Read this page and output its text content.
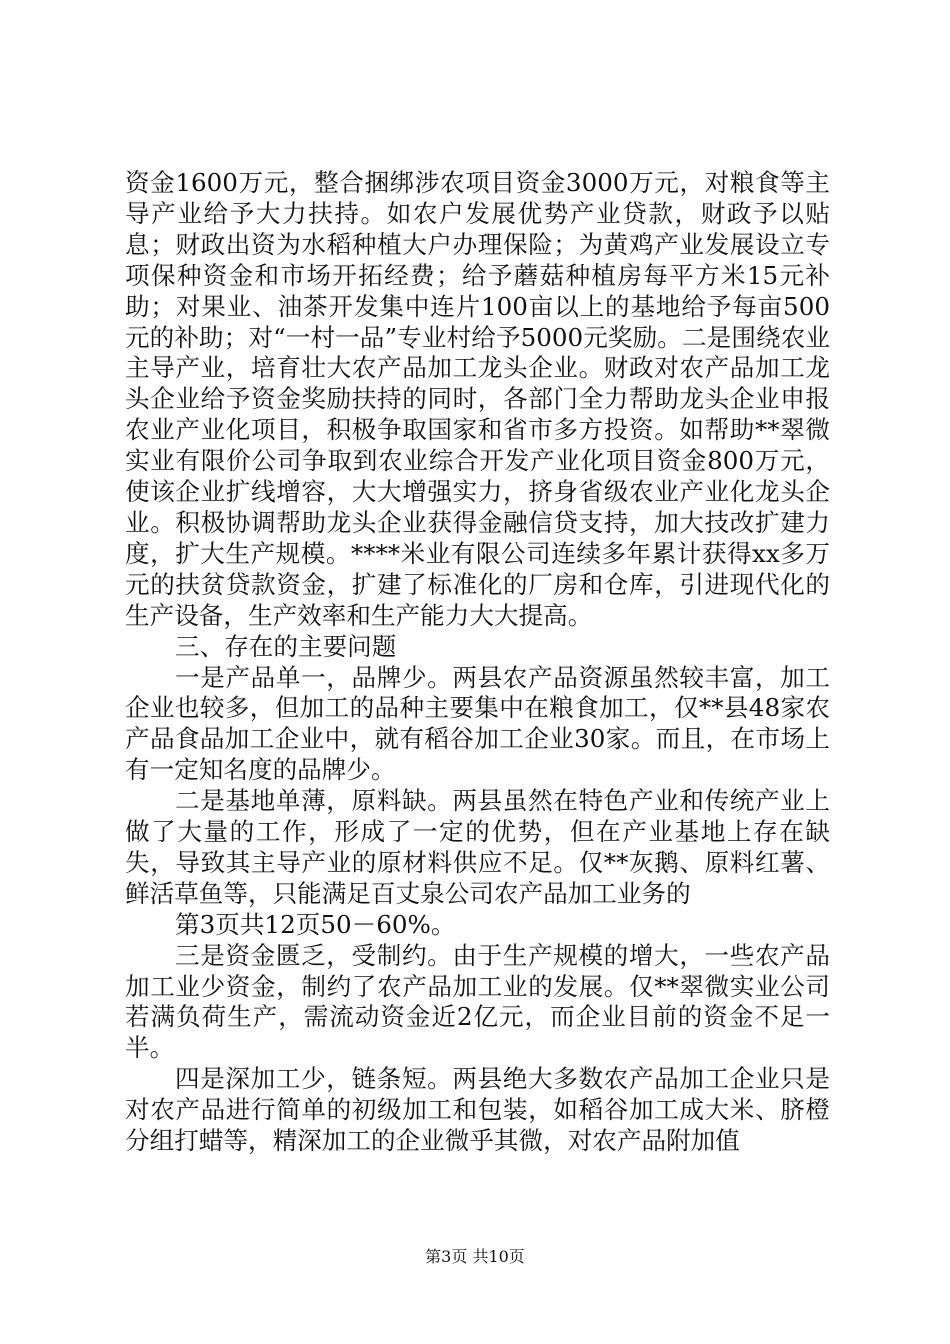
资金1600万元，整合捆绑涉农项目资金3000万元，对粮食等主导产业给予大力扶持。如农户发展优势产业贷款，财政予以贴息；财政出资为水稻种植大户办理保险；为黄鸡产业发展设立专项保种资金和市场开拓经费；给予蘑菇种植房每平方米15元补助；对果业、油茶开发集中连片100亩以上的基地给予每亩500元的补助；对“一村一品”专业村给予5000元奖励。二是围绕农业主导产业，培育壮大农产品加工龙头企业。财政对农产品加工龙头企业给予资金奖励扶持的同时，各部门全力帮助龙头企业申报农业产业化项目，积极争取国家和省市多方投资。如帮助**翠微实业有限价公司争取到农业综合开发产业化项目资金800万元，使该企业扩线增容，大大增强实力，挤身省级农业产业化龙头企业。积极协调帮助龙头企业获得金融信贷支持，加大技改扩建力度，扩大生产规模。****米业有限公司连续多年累计获得xx多万元的扶贫贷款资金，扩建了标准化的厂房和仓库，引进现代化的生产设备，生产效率和生产能力大大提高。

三、存在的主要问题

一是产品单一，品牌少。两县农产品资源虽然较丰富，加工企业也较多，但加工的品种主要集中在粮食加工，仅**县48家农产品食品加工企业中，就有稻谷加工企业30家。而且，在市场上有一定知名度的品牌少。

二是基地单薄，原料缺。两县虽然在特色产业和传统产业上做了大量的工作，形成了一定的优势，但在产业基地上存在缺失，导致其主导产业的原材料供应不足。仅**灰鹅、原料红薯、鲜活草鱼等，只能满足百丈泉公司农产品加工业务的

第3页共12页50－60%。

三是资金匮乏，受制约。由于生产规模的增大，一些农产品加工业少资金，制约了农产品加工业的发展。仅**翠微实业公司若满负荷生产，需流动资金近2亿元，而企业目前的资金不足一半。

四是深加工少，链条短。两县绝大多数农产品加工企业只是对农产品进行简单的初级加工和包装，如稻谷加工成大米、脐橙分组打蜡等，精深加工的企业微乎其微，对农产品附加值

第3页 共10页
